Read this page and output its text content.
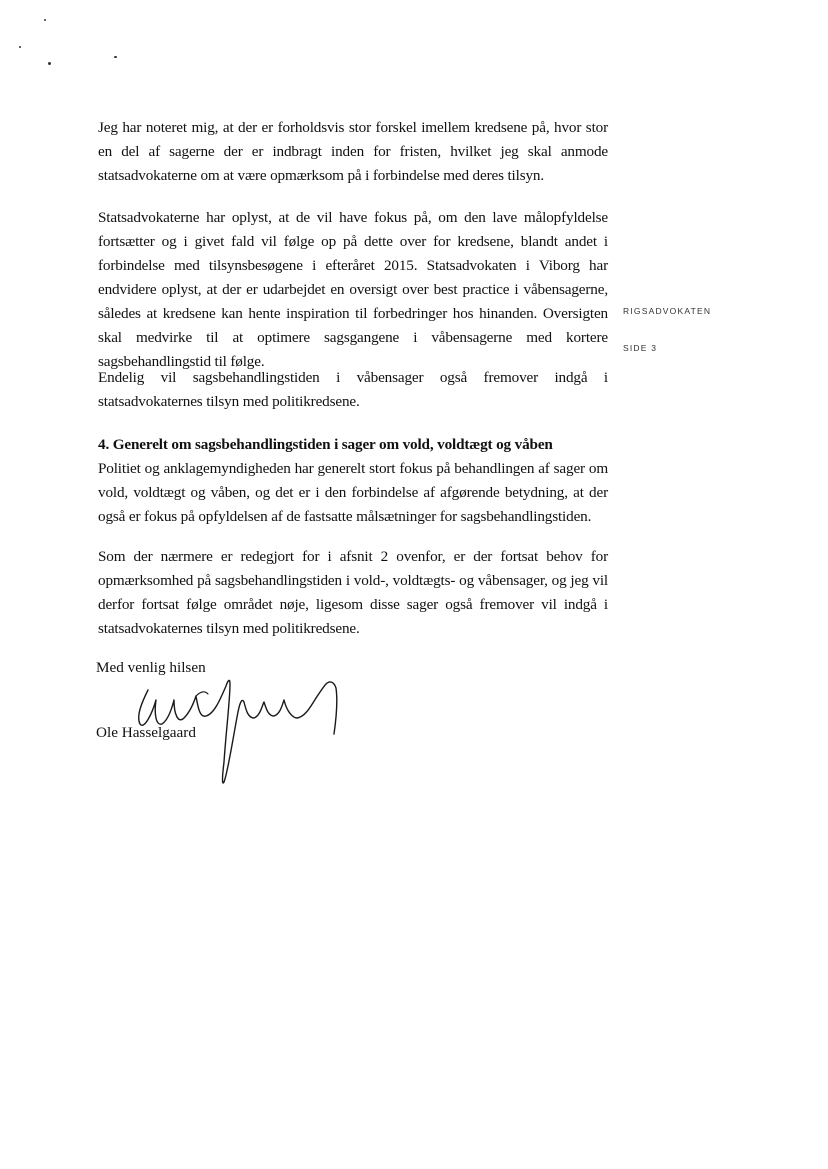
Jeg har noteret mig, at der er forholdsvis stor forskel imellem kredsene på, hvor stor en del af sagerne der er indbragt inden for fristen, hvilket jeg skal anmode statsadvokaterne om at være opmærksom på i forbindelse med deres tilsyn.

Statsadvokaterne har oplyst, at de vil have fokus på, om den lave målopfyldelse fortsætter og i givet fald vil følge op på dette over for kredsene, blandt andet i forbindelse med tilsynsbesøgene i efteråret 2015. Statsadvokaten i Viborg har endvidere oplyst, at der er udarbejdet en oversigt over best practice i våbensagerne, således at kredsene kan hente inspiration til forbedringer hos hinanden. Oversigten skal medvirke til at optimere sagsgangene i våbensagerne med kortere sagsbehandlingstid til følge.

Endelig vil sagsbehandlingstiden i våbensager også fremover indgå i statsadvokaternes tilsyn med politikredsene.

4. Generelt om sagsbehandlingstiden i sager om vold, voldtægt og våben

Politiet og anklagemyndigheden har generelt stort fokus på behandlingen af sager om vold, voldtægt og våben, og det er i den forbindelse af afgørende betydning, at der også er fokus på opfyldelsen af de fastsatte målsætninger for sagsbehandlingstiden.

Som der nærmere er redegjort for i afsnit 2 ovenfor, er der fortsat behov for opmærksomhed på sagsbehandlingstiden i vold-, voldtægts- og våbensager, og jeg vil derfor fortsat følge området nøje, ligesom disse sager også fremover vil indgå i statsadvokaternes tilsyn med politikredsene.

RIGSADVOKATEN
SIDE 3
Med venlig hilsen
Ole Hasselgaard
